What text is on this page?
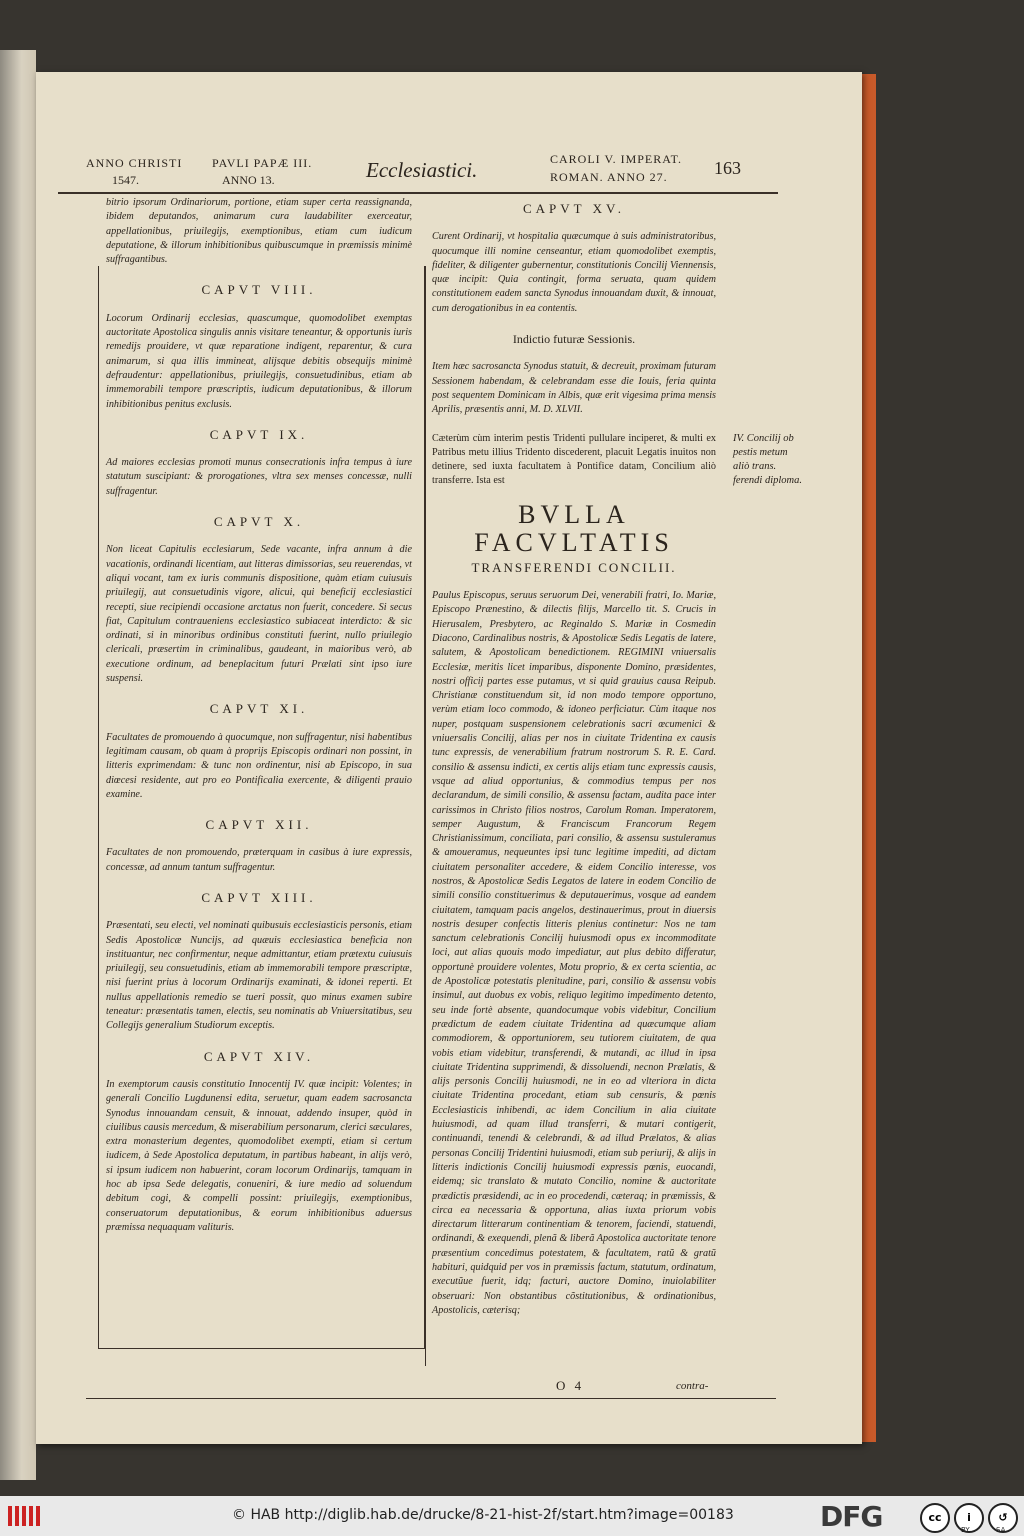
ANNO CHRISTI
1547.
PAVLI PAPÆ III.
ANNO 13.	Ecclesiastici.	CAROLI V. IMPERAT.
ROMAN. ANNO 27.	163

bitrio ipsorum Ordinariorum, portione, etiam super certa reassignanda, ibidem deputandos, animarum cura laudabiliter exerceatur, appellationibus, priuilegijs, exemptionibus, etiam cum iudicum deputatione, & illorum inhibitionibus quibuscumque in præmissis minimè suffragantibus.

CAPVT VIII.

Locorum Ordinarij ecclesias, quascumque, quomodolibet exemptas auctoritate Apostolica singulis annis visitare teneantur, & opportunis iuris remedijs prouidere, vt quæ reparatione indigent, reparentur, & cura animarum, si qua illis immineat, alijsque debitis obsequijs minimè defraudentur: appellationibus, priuilegijs, consuetudinibus, etiam ab immemorabili tempore præscriptis, iudicum deputationibus, & illorum inhibitionibus penitus exclusis.

CAPVT IX.

Ad maiores ecclesias promoti munus consecrationis infra tempus à iure statutum suscipiant: & prorogationes, vltra sex menses concessæ, nulli suffragentur.

CAPVT X.

Non liceat Capitulis ecclesiarum, Sede vacante, infra annum à die vacationis, ordinandi licentiam, aut litteras dimissorias, seu reuerendas, vt aliqui vocant, tam ex iuris communis dispositione, quàm etiam cuiusuis priuilegij, aut consuetudinis vigore, alicui, qui beneficij ecclesiastici recepti, siue recipiendi occasione arctatus non fuerit, concedere. Si secus fiat, Capitulum contraueniens ecclesiastico subiaceat interdicto: & sic ordinati, si in minoribus ordinibus constituti fuerint, nullo priuilegio clericali, præsertim in criminalibus, gaudeant, in maioribus verò, ab executione ordinum, ad beneplacitum futuri Prælati sint ipso iure suspensi.

CAPVT XI.

Facultates de promouendo à quocumque, non suffragentur, nisi habentibus legitimam causam, ob quam à proprijs Episcopis ordinari non possint, in litteris exprimendam: & tunc non ordinentur, nisi ab Episcopo, in sua diœcesi residente, aut pro eo Pontificalia exercente, & diligenti prauio examine.

CAPVT XII.

Facultates de non promouendo, præterquam in casibus à iure expressis, concessæ, ad annum tantum suffragentur.

CAPVT XIII.

Præsentati, seu electi, vel nominati quibusuis ecclesiasticis personis, etiam Sedis Apostolicæ Nuncijs, ad quæuis ecclesiastica beneficia non instituantur, nec confirmentur, neque admittantur, etiam prætextu cuiusuis priuilegij, seu consuetudinis, etiam ab immemorabili tempore præscriptæ, nisi fuerint prius à locorum Ordinarijs examinati, & idonei reperti. Et nullus appellationis remedio se tueri possit, quo minus examen subire teneatur: præsentatis tamen, electis, seu nominatis ab Vniuersitatibus, seu Collegijs generalium Studiorum exceptis.

CAPVT XIV.

In exemptorum causis constitutio Innocentij IV. quæ incipit: Volentes; in generali Concilio Lugdunensi edita, seruetur, quam eadem sacrosancta Synodus innouandam censuit, & innouat, addendo insuper, quòd in ciuilibus causis mercedum, & miserabilium personarum, clerici sæculares, extra monasterium degentes, quomodolibet exempti, etiam si certum iudicem, à Sede Apostolica deputatum, in partibus habeant, in alijs verò, si ipsum iudicem non habuerint, coram locorum Ordinarijs, tamquam in hoc ab ipsa Sede delegatis, conueniri, & iure medio ad soluendum debitum cogi, & compelli possint: priuilegijs, exemptionibus, conseruatorum deputationibus, & eorum inhibitionibus aduersus præmissa nequaquam valituris.

CAPVT XV.

Curent Ordinarij, vt hospitalia quæcumque à suis administratoribus, quocumque illi nomine censeantur, etiam quomodolibet exemptis, fideliter, & diligenter gubernentur, constitutionis Concilij Viennensis, quæ incipit: Quia contingit, forma seruata, quam quidem constitutionem eadem sancta Synodus innouandam duxit, & innouat, cum derogationibus in ea contentis.

Indictio futuræ Sessionis.

Item hæc sacrosancta Synodus statuit, & decreuit, proximam futuram Sessionem habendam, & celebrandam esse die Iouis, feria quinta post sequentem Dominicam in Albis, quæ erit vigesima prima mensis Aprilis, præsentis anni, M. D. XLVII.

Cæterùm cùm interim pestis Tridenti pullulare inciperet, & multi ex Patribus metu illius Tridento discederent, placuit Legatis inuitos non detinere, sed iuxta facultatem à Pontifice datam, Concilium aliò transferre. Ista est

BVLLA FACVLTATIS
TRANSFERENDI CONCILII.

Paulus Episcopus, seruus seruorum Dei, venerabili fratri, Io. Mariæ, Episcopo Prænestino, & dilectis filijs, Marcello tit. S. Crucis in Hierusalem, Presbytero, ac Reginaldo S. Mariæ in Cosmedin Diacono, Cardinalibus nostris, & Apostolicæ Sedis Legatis de latere, salutem, & Apostolicam benedictionem. REGIMINI vniuersalis Ecclesiæ, meritis licet imparibus, disponente Domino, præsidentes, nostri officij partes esse putamus, vt si quid grauius causa Reipub. Christianæ constituendum sit, id non modo tempore opportuno, verùm etiam loco commodo, & idoneo perficiatur. Cùm itaque nos nuper, postquam suspensionem celebrationis sacri œcumenici & vniuersalis Concilij, alias per nos in ciuitate Tridentina ex causis tunc expressis, de venerabilium fratrum nostrorum S. R. E. Card. consilio & assensu indicti, ex certis alijs etiam tunc expressis causis, vsque ad aliud opportunius, & commodius tempus per nos declarandum, de simili consilio, & assensu factam, audita pace inter carissimos in Christo filios nostros, Carolum Roman. Imperatorem, semper Augustum, & Franciscum Francorum Regem Christianissimum, conciliata, pari consilio, & assensu sustuleramus & amoueramus, nequeuntes ipsi tunc legitime impediti, ad dictam ciuitatem personaliter accedere, & eidem Concilio interesse, vos nostros, & Apostolicæ Sedis Legatos de latere in eodem Concilio de simili consilio constituerimus & deputauerimus, vosque ad eandem ciuitatem, tamquam pacis angelos, destinauerimus, prout in diuersis nostris desuper confectis litteris plenius continetur: Nos ne tam sanctum celebrationis Concilij huiusmodi opus ex incommoditate loci, aut alias quouis modo impediatur, aut plus debito differatur, opportunè prouidere volentes, Motu proprio, & ex certa scientia, ac de Apostolicæ potestatis plenitudine, pari, consilio & assensu vobis insimul, aut duobus ex vobis, reliquo legitimo impedimento detento, seu inde fortè absente, quandocumque vobis videbitur, Concilium prædictum de eadem ciuitate Tridentina ad quæcumque aliam commodiorem, & opportuniorem, seu tutiorem ciuitatem, de qua vobis etiam videbitur, transferendi, & mutandi, ac illud in ipsa ciuitate Tridentina supprimendi, & dissoluendi, necnon Prælatis, & alijs personis Concilij huiusmodi, ne in eo ad vlteriora in dicta ciuitate Tridentina procedant, etiam sub censuris, & pœnis Ecclesiasticis inhibendi, ac idem Concilium in alia ciuitate huiusmodi, ad quam illud transferri, & mutari contigerit, continuandi, tenendi & celebrandi, & ad illud Prælatos, & alias personas Concilij Tridentini huiusmodi, etiam sub periurij, & alijs in litteris indictionis Concilij huiusmodi expressis pœnis, euocandi, eidemq; sic translato & mutato Concilio, nomine & auctoritate prædictis præsidendi, ac in eo procedendi, cæteraq; in præmissis, & circa ea necessaria & opportuna, alias iuxta priorum vobis directarum litterarum continentiam & tenorem, faciendi, statuendi, ordinandi, & exequendi, plenã & liberã Apostolica auctoritate tenore præsentium concedimus potestatem, & facultatem, ratũ & gratũ habituri, quidquid per vos in præmissis factum, statutum, ordinatum, executũue fuerit, idq; facturi, auctore Domino, inuiolabiliter obseruari: Non obstantibus cõstitutionibus, & ordinationibus, Apostolicis, cæterisq;

IV. Concilij ob pestis metum aliò trans. ferendi diploma.
O 4	contra-
© HAB http://diglib.hab.de/drucke/8-21-hist-2f/start.htm?image=00183	DFG	cc	i
BY
↺
SA
